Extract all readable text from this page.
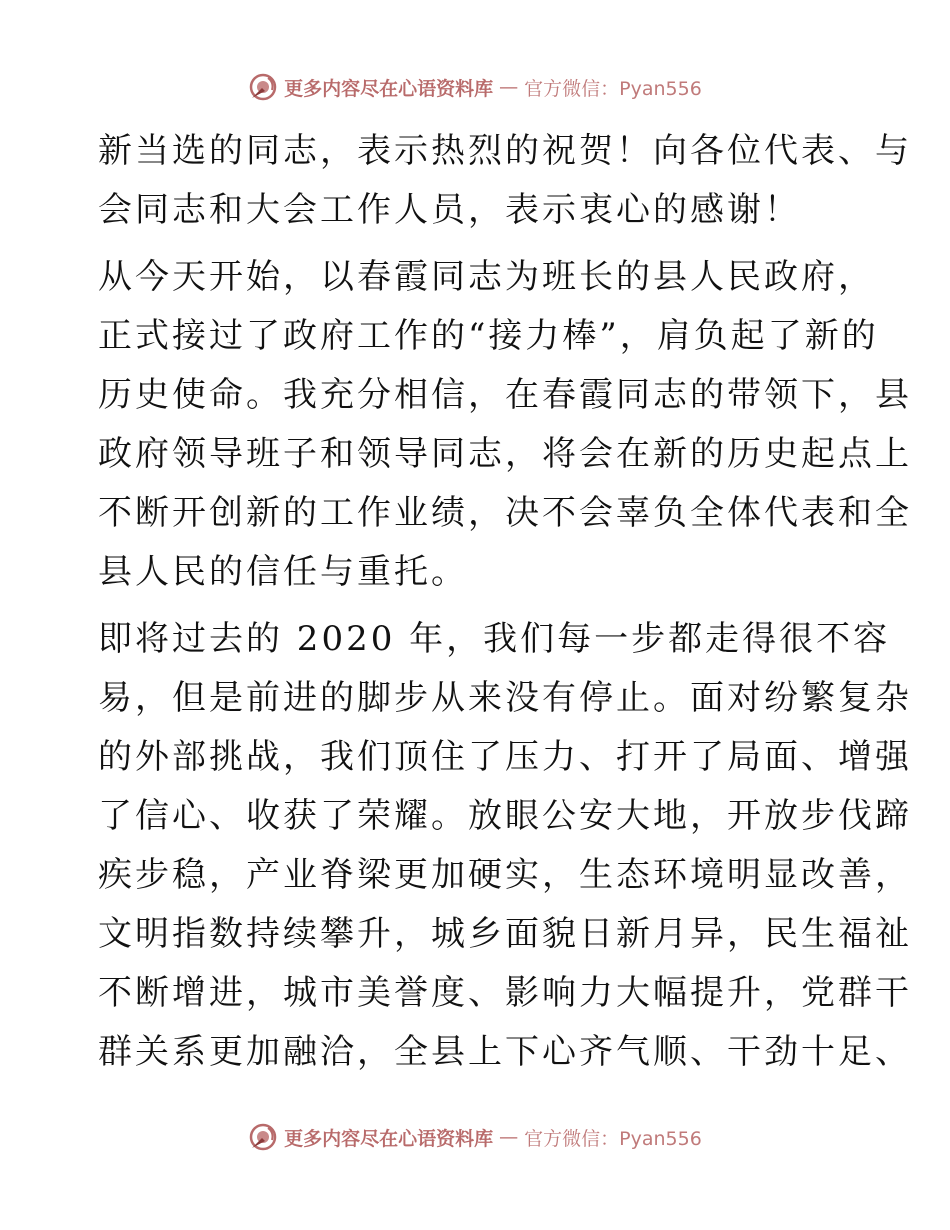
更多内容尽在心语资料库 — 官方微信：Pyan556
新当选的同志，表示热烈的祝贺！向各位代表、与
会同志和大会工作人员，表示衷心的感谢！
从今天开始，以春霞同志为班长的县人民政府，
正式接过了政府工作的“接力棒”，肩负起了新的
历史使命。我充分相信，在春霞同志的带领下，县
政府领导班子和领导同志，将会在新的历史起点上
不断开创新的工作业绩，决不会辜负全体代表和全
县人民的信任与重托。
即将过去的 2020 年，我们每一步都走得很不容
易，但是前进的脚步从来没有停止。面对纷繁复杂
的外部挑战，我们顶住了压力、打开了局面、增强
了信心、收获了荣耀。放眼公安大地，开放步伐蹄
疾步稳，产业脊梁更加硬实，生态环境明显改善，
文明指数持续攀升，城乡面貌日新月异，民生福祉
不断增进，城市美誉度、影响力大幅提升，党群干
群关系更加融洽，全县上下心齐气顺、干劲十足、
更多内容尽在心语资料库 — 官方微信：Pyan556
